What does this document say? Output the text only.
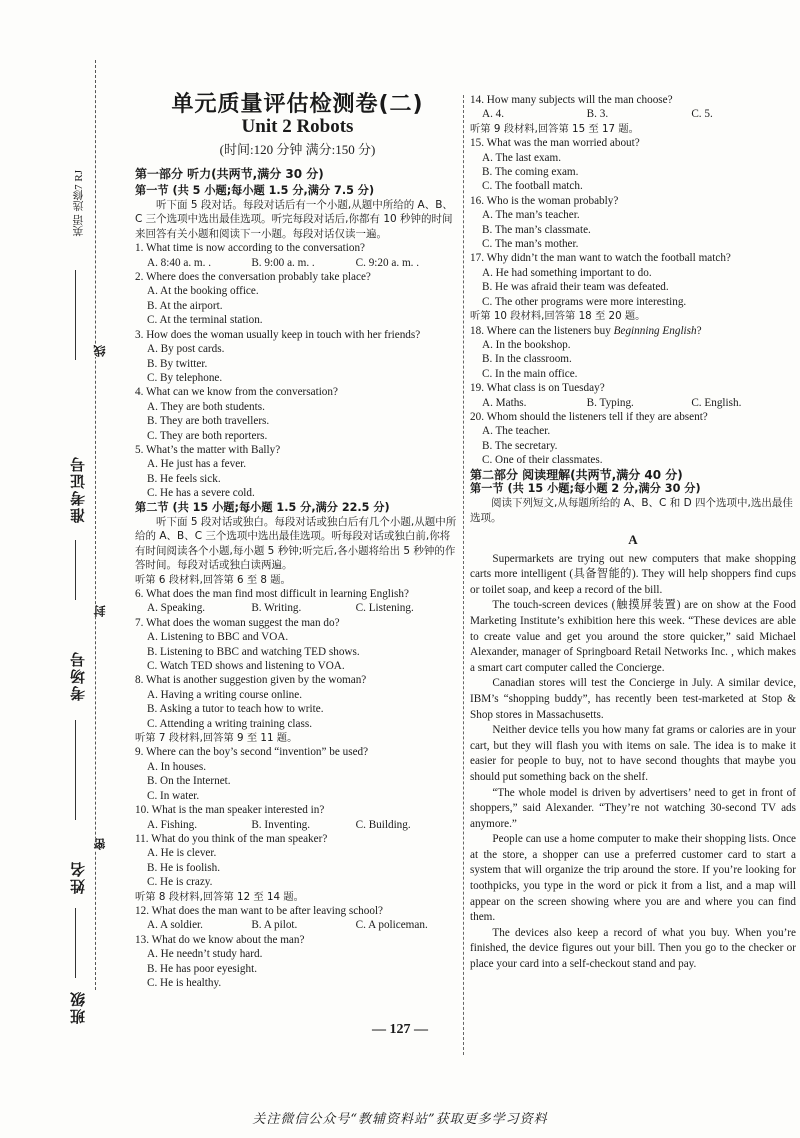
英语 选修7 RJ
线
准考证号
封
考场号
密
姓名
班级
单元质量评估检测卷(二)
Unit 2 Robots
(时间:120 分钟 满分:150 分)
第一部分 听力(共两节,满分 30 分)
第一节 (共 5 小题;每小题 1.5 分,满分 7.5 分)
听下面 5 段对话。每段对话后有一个小题,从题中所给的 A、B、C 三个选项中选出最佳选项。听完每段对话后,你都有 10 秒钟的时间来回答有关小题和阅读下一小题。每段对话仅读一遍。
1. What time is now according to the conversation?
A. 8:40 a. m. .	B. 9:00 a. m. .	C. 9:20 a. m. .
2. Where does the conversation probably take place?
A. At the booking office.
B. At the airport.
C. At the terminal station.
3. How does the woman usually keep in touch with her friends?
A. By post cards.
B. By twitter.
C. By telephone.
4. What can we know from the conversation?
A. They are both students.
B. They are both travellers.
C. They are both reporters.
5. What’s the matter with Bally?
A. He just has a fever.
B. He feels sick.
C. He has a severe cold.
第二节 (共 15 小题;每小题 1.5 分,满分 22.5 分)
听下面 5 段对话或独白。每段对话或独白后有几个小题,从题中所给的 A、B、C 三个选项中选出最佳选项。听每段对话或独白前,你将有时间阅读各个小题,每小题 5 秒钟;听完后,各小题将给出 5 秒钟的作答时间。每段对话或独白读两遍。
听第 6 段材料,回答第 6 至 8 题。
6. What does the man find most difficult in learning English?
A. Speaking.	B. Writing.	C. Listening.
7. What does the woman suggest the man do?
A. Listening to BBC and VOA.
B. Listening to BBC and watching TED shows.
C. Watch TED shows and listening to VOA.
8. What is another suggestion given by the woman?
A. Having a writing course online.
B. Asking a tutor to teach how to write.
C. Attending a writing training class.
听第 7 段材料,回答第 9 至 11 题。
9. Where can the boy’s second “invention” be used?
A. In houses.
B. On the Internet.
C. In water.
10. What is the man speaker interested in?
A. Fishing.	B. Inventing.	C. Building.
11. What do you think of the man speaker?
A. He is clever.
B. He is foolish.
C. He is crazy.
听第 8 段材料,回答第 12 至 14 题。
12. What does the man want to be after leaving school?
A. A soldier.	B. A pilot.	C. A policeman.
13. What do we know about the man?
A. He needn’t study hard.
B. He has poor eyesight.
C. He is healthy.
14. How many subjects will the man choose?
A. 4.	B. 3.	C. 5.
听第 9 段材料,回答第 15 至 17 题。
15. What was the man worried about?
A. The last exam.
B. The coming exam.
C. The football match.
16. Who is the woman probably?
A. The man’s teacher.
B. The man’s classmate.
C. The man’s mother.
17. Why didn’t the man want to watch the football match?
A. He had something important to do.
B. He was afraid their team was defeated.
C. The other programs were more interesting.
听第 10 段材料,回答第 18 至 20 题。
18. Where can the listeners buy Beginning English?
A. In the bookshop.
B. In the classroom.
C. In the main office.
19. What class is on Tuesday?
A. Maths.	B. Typing.	C. English.
20. Whom should the listeners tell if they are absent?
A. The teacher.
B. The secretary.
C. One of their classmates.
第二部分 阅读理解(共两节,满分 40 分)
第一节 (共 15 小题;每小题 2 分,满分 30 分)
阅读下列短文,从每题所给的 A、B、C 和 D 四个选项中,选出最佳选项。
A

Supermarkets are trying out new computers that make shopping carts more intelligent (具备智能的). They will help shoppers find cups or toilet soap, and keep a record of the bill.

The touch-screen devices (触摸屏装置) are on show at the Food Marketing Institute’s exhibition here this week. “These devices are able to create value and get you around the store quicker,” said Michael Alexander, manager of Springboard Retail Networks Inc. , which makes a smart cart computer called the Concierge.

Canadian stores will test the Concierge in July. A similar device, IBM’s “shopping buddy”, has recently been test-marketed at Stop & Shop stores in Massachusetts.

Neither device tells you how many fat grams or calories are in your cart, but they will flash you with items on sale. The idea is to make it easier for people to buy, not to have second thoughts that maybe you should put something back on the shelf.

“The whole model is driven by advertisers’ need to get in front of shoppers,” said Alexander. “They’re not watching 30-second TV ads anymore.”

People can use a home computer to make their shopping lists. Once at the store, a shopper can use a preferred customer card to start a system that will organize the trip around the store. If you’re looking for toothpicks, you type in the word or pick it from a list, and a map will appear on the screen showing where you are and where you can find them.

The devices also keep a record of what you buy. When you’re finished, the device figures out your bill. Then you go to the checker or place your card into a self-checkout stand and pay.

— 127 —
关注微信公众号“教辅资料站”获取更多学习资料
